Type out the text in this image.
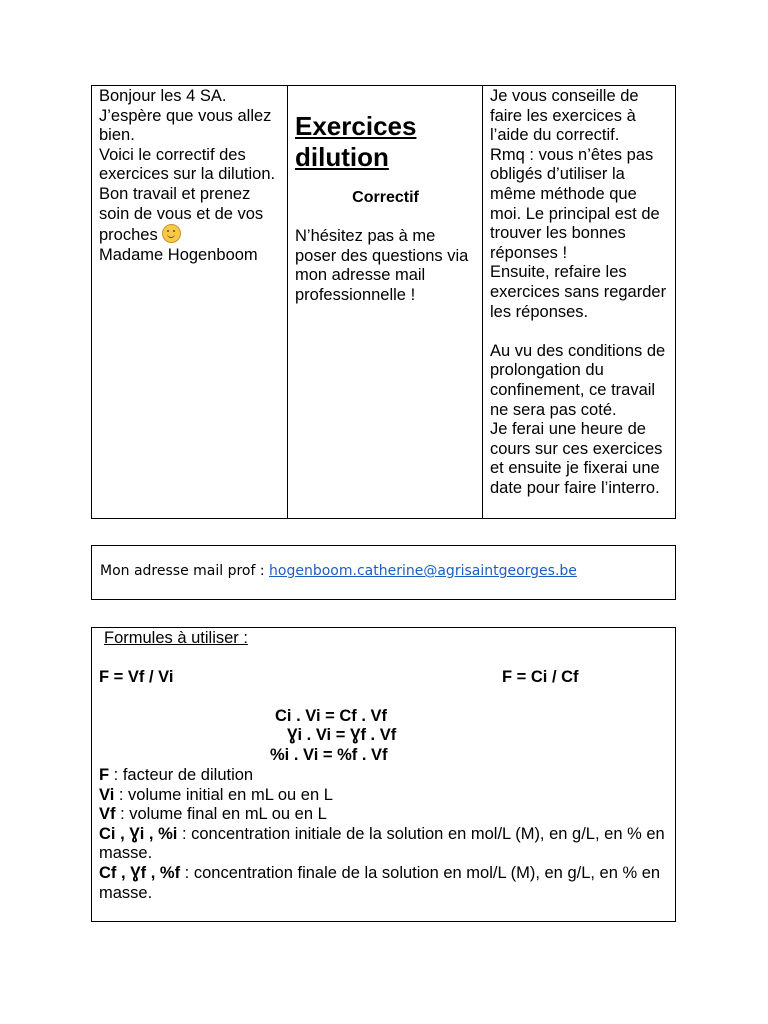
Bonjour les 4 SA.

J’espère que vous allez bien.

Voici le correctif des exercices sur la dilution.

Bon travail et prenez soin de vous et de vos proches

Madame Hogenboom

Exercices
dilution

Correctif

N’hésitez pas à me poser des questions via mon adresse mail professionnelle !

Je vous conseille de faire les exercices à l’aide du correctif.

Rmq : vous n’êtes pas obligés d’utiliser la même méthode que moi. Le principal est de trouver les bonnes réponses !

Ensuite, refaire les exercices sans regarder les réponses.

Au vu des conditions de prolongation du confinement, ce travail ne sera pas coté.

Je ferai une heure de cours sur ces exercices et ensuite je fixerai une date pour faire l’interro.

Mon adresse mail prof : hogenboom.catherine@agrisaintgeorges.be
Formules à utiliser :
F = Vf / Vi	F = Ci / Cf
Ci . Vi = Cf . Vf
Ɣi . Vi = Ɣf . Vf
%i . Vi = %f . Vf

F : facteur de dilution

Vi : volume initial en mL ou en L

Vf : volume final en mL ou en L

Ci , Ɣi , %i : concentration initiale de la solution en mol/L (M), en g/L, en % en masse.

Cf , Ɣf , %f : concentration finale de la solution en mol/L (M), en g/L, en % en masse.
